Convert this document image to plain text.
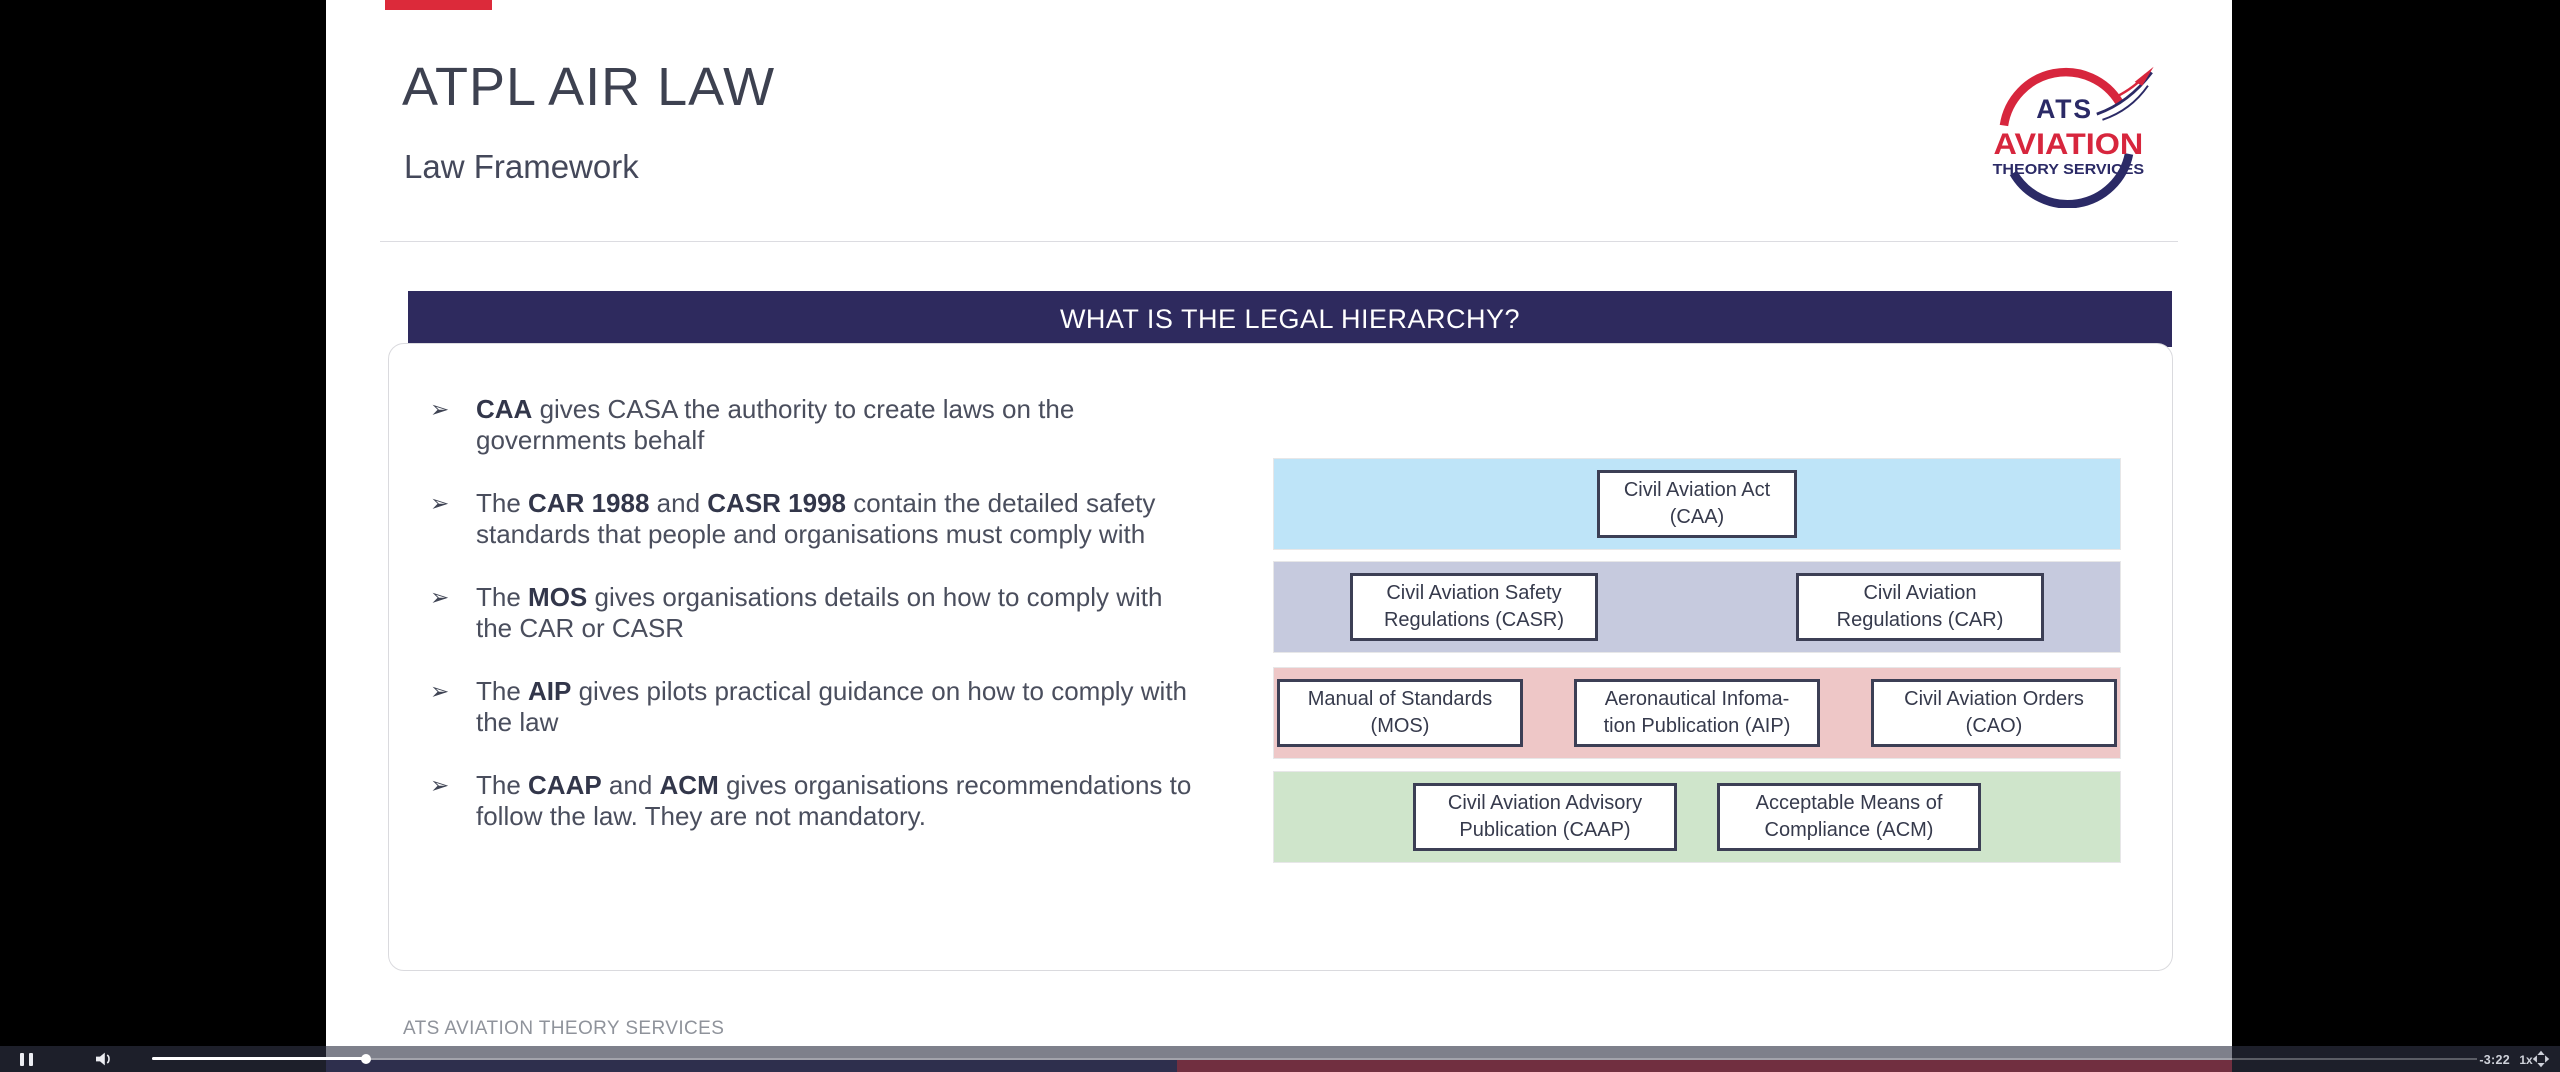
ATPL AIR LAW
Law Framework
ATS
AVIATION
THEORY SERVICES
WHAT IS THE LEGAL HIERARCHY?
➢	CAA gives CASA the authority to create laws on the
governments behalf
➢	The CAR 1988 and CASR 1998 contain the detailed safety
standards that people and organisations must comply with
➢	The MOS gives organisations details on how to comply with
the CAR or CASR
➢	The AIP gives pilots practical guidance on how to comply with
the law
➢	The CAAP and ACM gives organisations recommendations to
follow the law. They are not mandatory.
Civil Aviation Act
(CAA)
Civil Aviation Safety
Regulations (CASR)
Civil Aviation
Regulations (CAR)
Manual of Standards
(MOS)
Aeronautical Infoma-
tion Publication (AIP)
Civil Aviation Orders
(CAO)
Civil Aviation Advisory
Publication (CAAP)
Acceptable Means of
Compliance (ACM)
ATS AVIATION THEORY SERVICES
-3:22 1x
